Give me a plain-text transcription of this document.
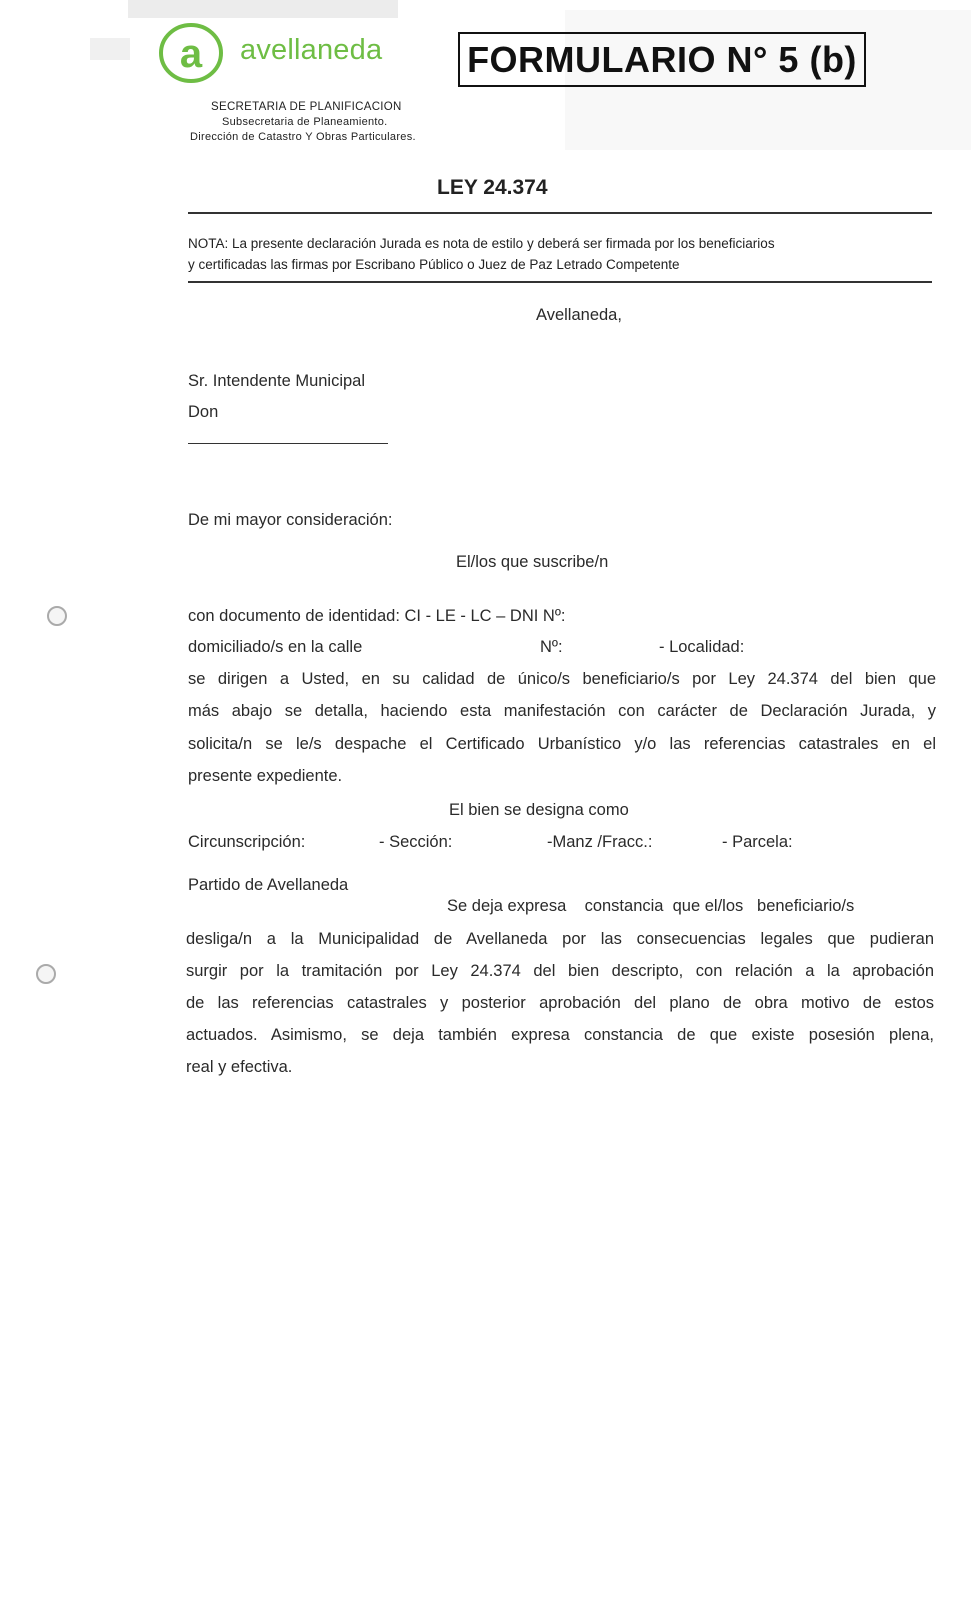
a avellaneda
SECRETARIA DE PLANIFICACION
Subsecretaria de Planeamiento.
Dirección de Catastro Y Obras Particulares.
FORMULARIO N° 5 (b)
LEY 24.374
NOTA: La presente declaración Jurada es nota de estilo y deberá ser firmada por los beneficiarios
y certificadas las firmas por Escribano Público o Juez de Paz Letrado Competente
Avellaneda,
Sr. Intendente Municipal
Don
De mi mayor consideración:
El/los que suscribe/n
con documento de identidad: CI - LE - LC – DNI Nº:
domiciliado/s en la calle	Nº:	- Localidad:
se dirigen a Usted, en su calidad de único/s beneficiario/s por Ley 24.374 del bien que
más abajo se detalla, haciendo esta manifestación con carácter de Declaración Jurada, y
solicita/n se le/s despache el Certificado Urbanístico y/o las referencias catastrales en el
presente expediente.
El bien se designa como
Circunscripción:	- Sección:	-Manz /Fracc.:	- Parcela:
Partido de Avellaneda
Se deja expresa    constancia  que el/los   beneficiario/s
desliga/n a la Municipalidad de Avellaneda por las consecuencias legales que pudieran
surgir por la tramitación por Ley 24.374 del bien descripto, con relación a la aprobación
de las referencias catastrales y posterior aprobación del plano de obra motivo de estos
actuados. Asimismo, se deja también expresa constancia de que existe posesión plena,
real y efectiva.
